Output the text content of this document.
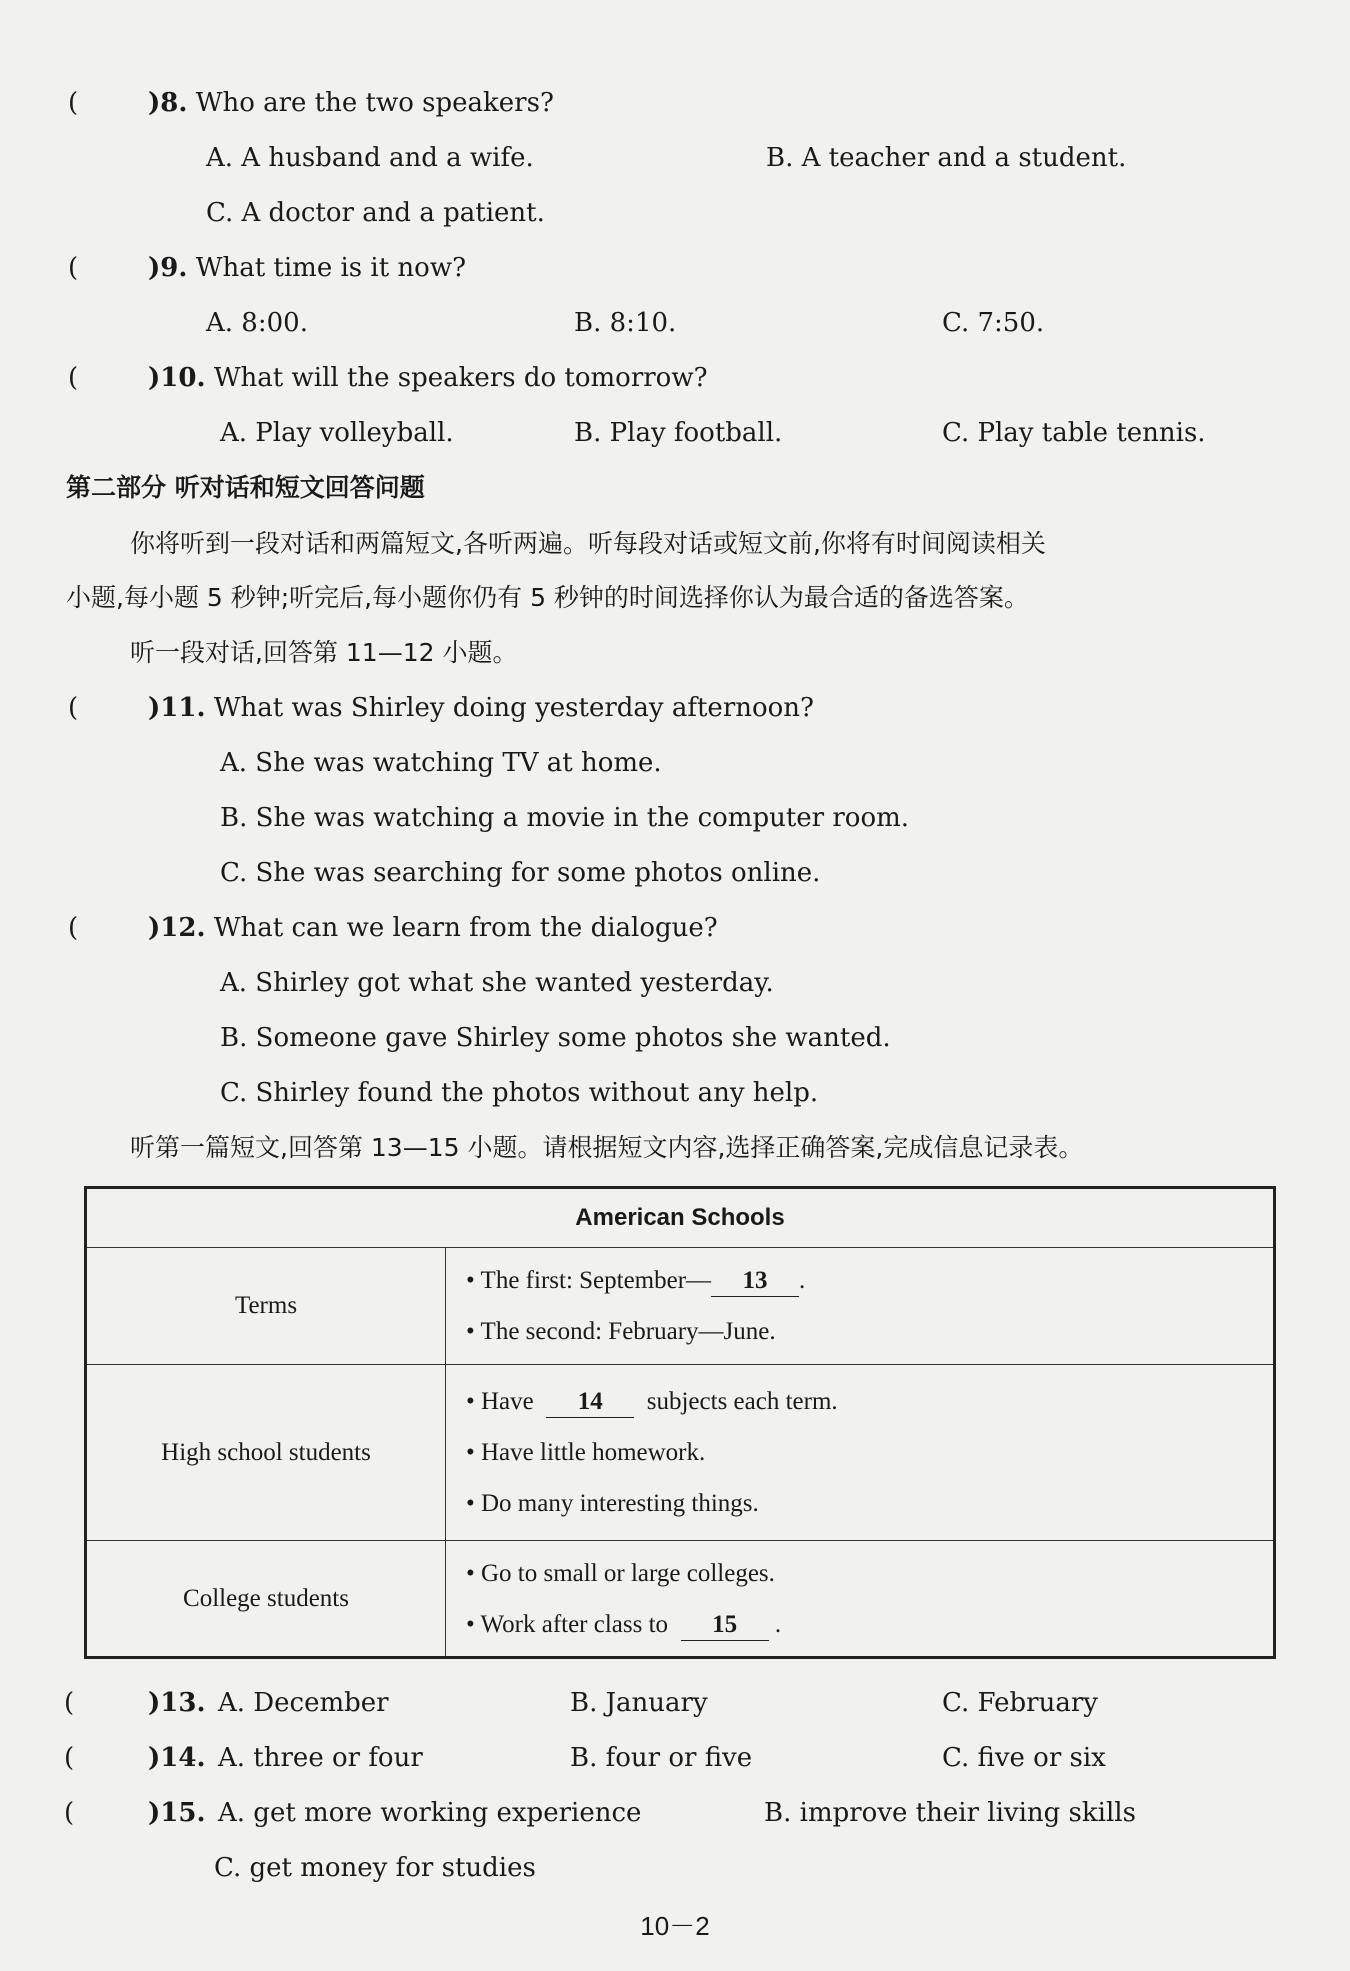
(	)8. Who are the two speakers?
A. A husband and a wife.	B. A teacher and a student.
C. A doctor and a patient.
(	)9. What time is it now?
A. 8:00.	B. 8:10.	C. 7:50.
(	)10. What will the speakers do tomorrow?
A. Play volleyball.	B. Play football.	C. Play table tennis.
第二部分 听对话和短文回答问题
你将听到一段对话和两篇短文,各听两遍。听每段对话或短文前,你将有时间阅读相关
小题,每小题 5 秒钟;听完后,每小题你仍有 5 秒钟的时间选择你认为最合适的备选答案。
听一段对话,回答第 11—12 小题。
(	)11. What was Shirley doing yesterday afternoon?
A. She was watching TV at home.
B. She was watching a movie in the computer room.
C. She was searching for some photos online.
(	)12. What can we learn from the dialogue?
A. Shirley got what she wanted yesterday.
B. Someone gave Shirley some photos she wanted.
C. Shirley found the photos without any help.
听第一篇短文,回答第 13—15 小题。请根据短文内容,选择正确答案,完成信息记录表。
American Schools	
Terms	• The first: September— 13 .
• The second: February—June.

High school students	• Have 14 subjects each term.
• Have little homework.
• Do many interesting things.

College students	• Go to small or large colleges.
• Work after class to 15 .
(	)13. A. December	B. January	C. February
(	)14. A. three or four	B. four or five	C. five or six
(	)15. A. get more working experience	B. improve their living skills
C. get money for studies
10－2
